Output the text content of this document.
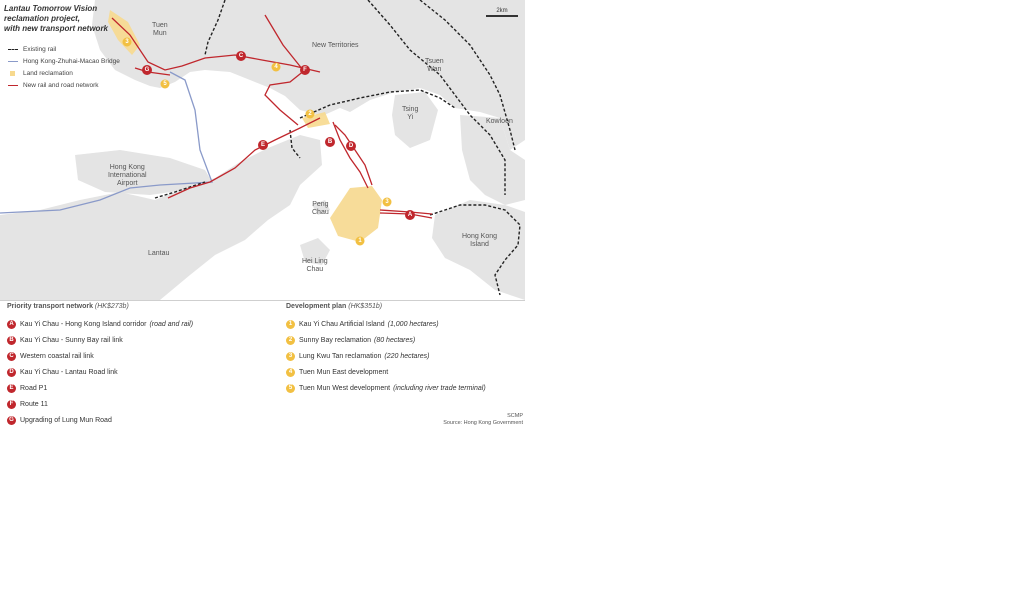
A
B
C
D
E
F
G
1
2
3
3
4
5
Lantau Tomorrow Vision
reclamation project,
with new transport network
Existing rail
Hong Kong-Zhuhai-Macao Bridge
Land reclamation
New rail and road network
2km
Tuen
Mun
New Territories
Tsuen
Wan
Tsing
Yi
Kowloon
Hong Kong
International
Airport
Peng
Chau
Hong Kong
Island
Lantau
Hei Ling
Chau
Priority transport network (HK$273b)
A Kau Yi Chau - Hong Kong Island corridor (road and rail)
B Kau Yi Chau - Sunny Bay rail link
C Western coastal rail link
D Kau Yi Chau - Lantau Road link
E Road P1
F Route 11
G Upgrading of Lung Mun Road
Development plan (HK$351b)
1 Kau Yi Chau Artificial Island (1,000 hectares)
2 Sunny Bay reclamation (80 hectares)
3 Lung Kwu Tan reclamation (220 hectares)
4 Tuen Mun East development
5 Tuen Mun West development (including river trade terminal)
SCMP
Source: Hong Kong Government
